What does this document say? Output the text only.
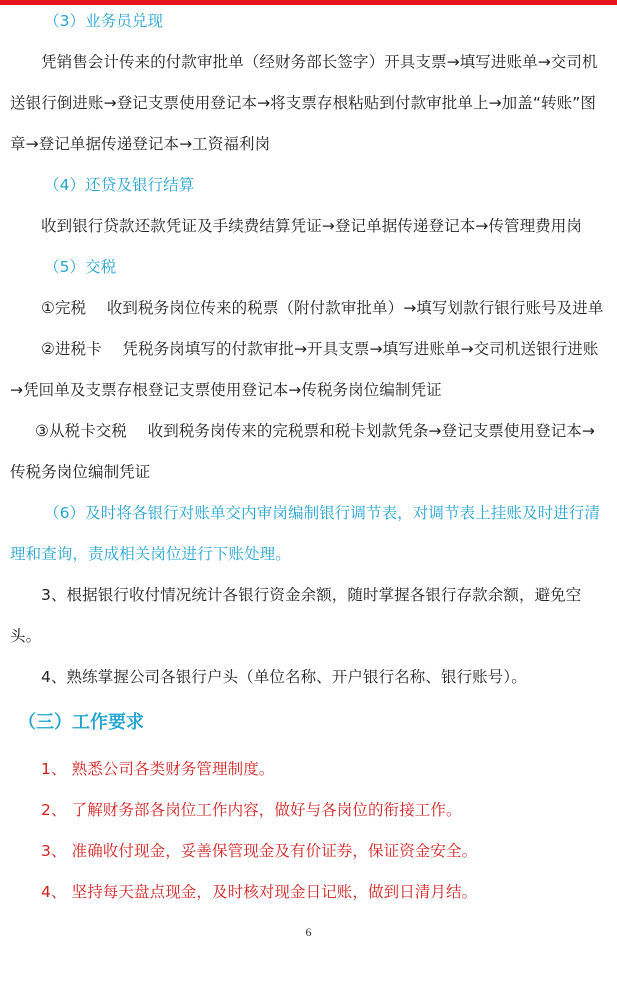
（3）业务员兑现

凭销售会计传来的付款审批单（经财务部长签字）开具支票→填写进账单→交司机送银行倒进账→登记支票使用登记本→将支票存根粘贴到付款审批单上→加盖“转账”图章→登记单据传递登记本→工资福利岗

（4）还贷及银行结算

收到银行贷款还款凭证及手续费结算凭证→登记单据传递登记本→传管理费用岗

（5）交税

①完税　 收到税务岗位传来的税票（附付款审批单）→填写划款行银行账号及进单

②进税卡　 凭税务岗填写的付款审批→开具支票→填写进账单→交司机送银行进账→凭回单及支票存根登记支票使用登记本→传税务岗位编制凭证

③从税卡交税　 收到税务岗传来的完税票和税卡划款凭条→登记支票使用登记本→传税务岗位编制凭证

（6）及时将各银行对账单交内审岗编制银行调节表，对调节表上挂账及时进行清理和查询，责成相关岗位进行下账处理。

3、根据银行收付情况统计各银行资金余额，随时掌握各银行存款余额，避免空头。

4、熟练掌握公司各银行户头（单位名称、开户银行名称、银行账号）。

（三）工作要求

1、 熟悉公司各类财务管理制度。

2、 了解财务部各岗位工作内容，做好与各岗位的衔接工作。

3、 准确收付现金，妥善保管现金及有价证券，保证资金安全。

4、 坚持每天盘点现金，及时核对现金日记账，做到日清月结。

6
